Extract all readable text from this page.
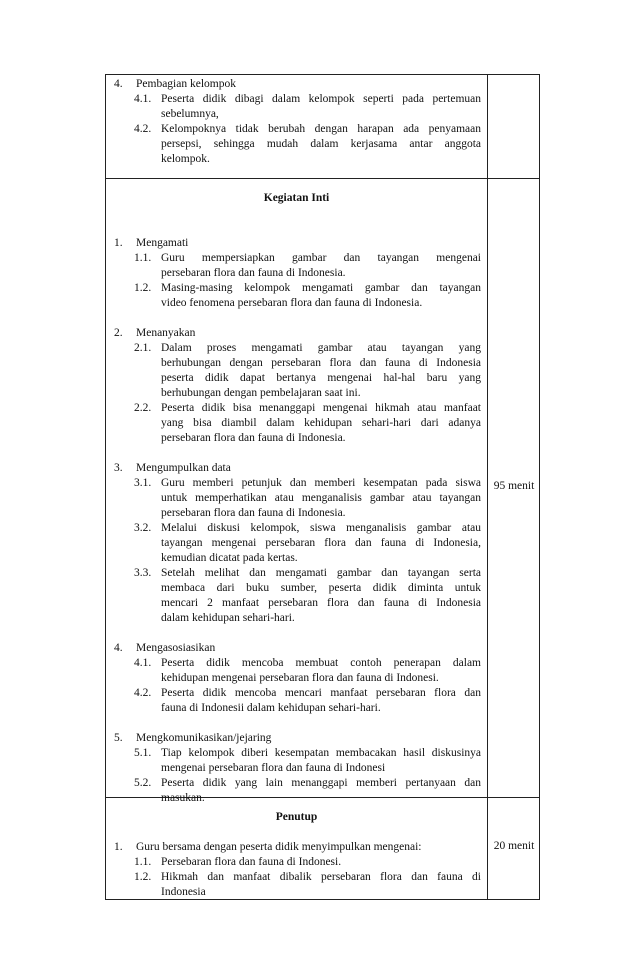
4. Pembagian kelompok
4.1. Peserta didik dibagi dalam kelompok seperti pada pertemuan
sebelumnya,
4.2. Kelompoknya tidak berubah dengan harapan ada penyamaan
persepsi, sehingga mudah dalam kerjasama antar anggota
kelompok.
Kegiatan Inti
1. Mengamati
1.1. Guru mempersiapkan gambar dan tayangan mengenai
persebaran flora dan fauna di Indonesia.
1.2. Masing-masing kelompok mengamati gambar dan tayangan
video fenomena persebaran flora dan fauna di Indonesia.
2. Menanyakan
2.1. Dalam proses mengamati gambar atau tayangan yang
berhubungan dengan persebaran flora dan fauna di Indonesia
peserta didik dapat bertanya mengenai hal-hal baru yang
berhubungan dengan pembelajaran saat ini.
2.2. Peserta didik bisa menanggapi mengenai hikmah atau manfaat
yang bisa diambil dalam kehidupan sehari-hari dari adanya
persebaran flora dan fauna di Indonesia.
3. Mengumpulkan data
3.1. Guru memberi petunjuk dan memberi kesempatan pada siswa
untuk memperhatikan atau menganalisis gambar atau tayangan
persebaran flora dan fauna di Indonesia.
3.2. Melalui diskusi kelompok, siswa menganalisis gambar atau
tayangan mengenai persebaran flora dan fauna di Indonesia,
kemudian dicatat pada kertas.
3.3. Setelah melihat dan mengamati gambar dan tayangan serta
membaca dari buku sumber, peserta didik diminta untuk
mencari 2 manfaat persebaran flora dan fauna di Indonesia
dalam kehidupan sehari-hari.
4. Mengasosiasikan
4.1. Peserta didik mencoba membuat contoh penerapan dalam
kehidupan mengenai persebaran flora dan fauna di Indonesi.
4.2. Peserta didik mencoba mencari manfaat persebaran flora dan
fauna di Indonesii dalam kehidupan sehari-hari.
5. Mengkomunikasikan/jejaring
5.1. Tiap kelompok diberi kesempatan membacakan hasil diskusinya
mengenai persebaran flora dan fauna di Indonesi
5.2. Peserta didik yang lain menanggapi memberi pertanyaan dan
masukan.
95 menit
Penutup
1. Guru bersama dengan peserta didik menyimpulkan mengenai:
1.1. Persebaran flora dan fauna di Indonesi.
1.2. Hikmah dan manfaat dibalik persebaran flora dan fauna di
Indonesia
20 menit
